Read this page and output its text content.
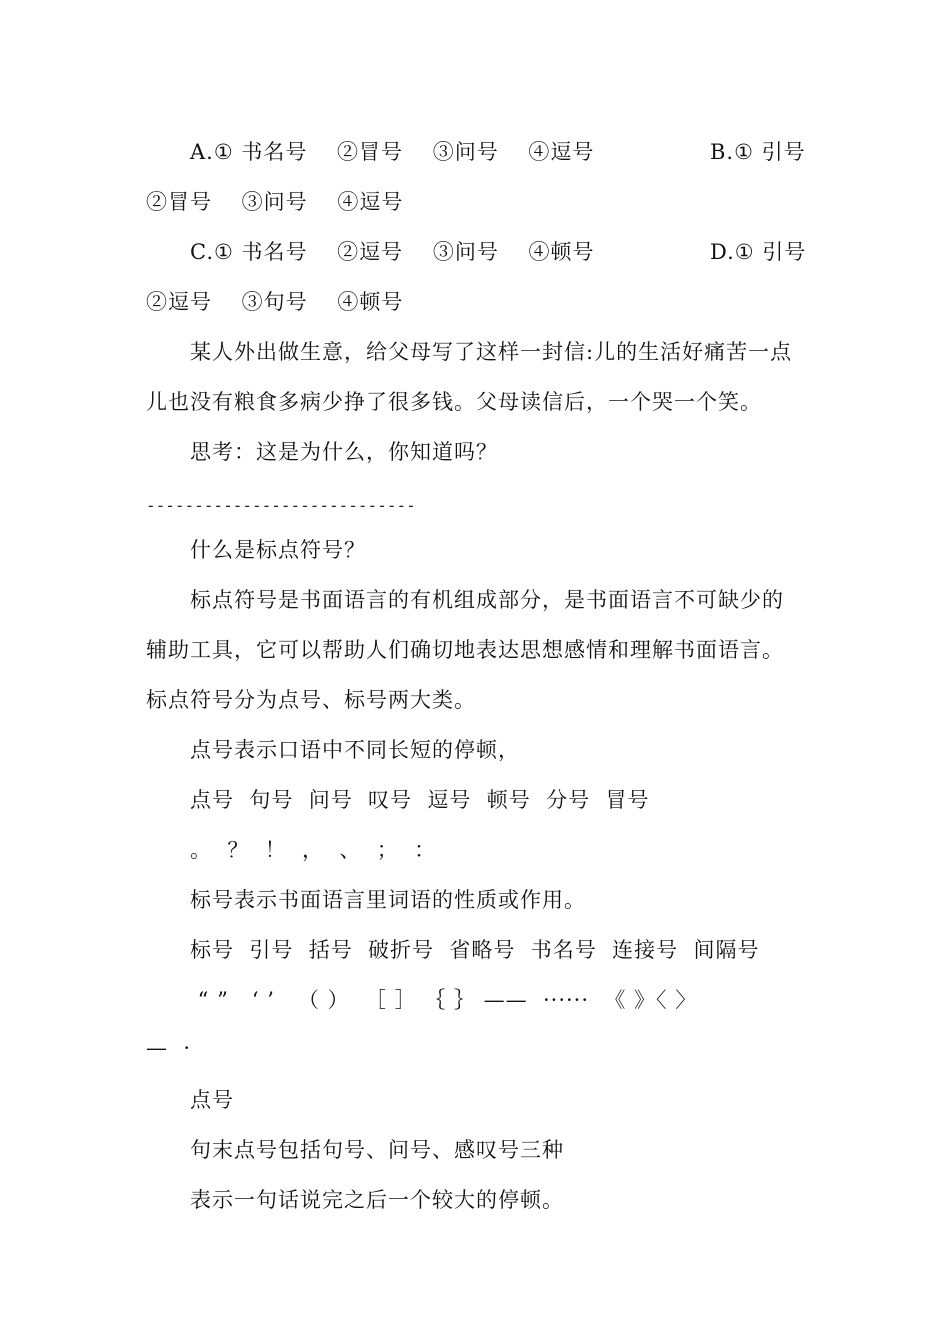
A.① 书名号　 ②冒号　 ③问号　 ④逗号	B.① 引号
②冒号　 ③问号　 ④逗号
C.① 书名号　 ②逗号　 ③问号　 ④顿号	D.① 引号
②逗号　 ③句号　 ④顿号
某人外出做生意，给父母写了这样一封信:儿的生活好痛苦一点
儿也没有粮食多病少挣了很多钱。父母读信后，一个哭一个笑。
思考：这是为什么，你知道吗？
----------------------------
什么是标点符号？
标点符号是书面语言的有机组成部分，是书面语言不可缺少的
辅助工具，它可以帮助人们确切地表达思想感情和理解书面语言。
标点符号分为点号、标号两大类。
点号表示口语中不同长短的停顿，
点号  句号  问号  叹号  逗号  顿号  分号  冒号
。  ？  ！  ，  、  ；  ：
标号表示书面语言里词语的性质或作用。
标号  引号  括号  破折号  省略号  书名号  连接号  间隔号
“ ”   ‘ ’   （ ）  ［ ］ ｛ ｝ ——  ······  《 》〈 〉
—  ·
点号
句末点号包括句号、问号、感叹号三种
表示一句话说完之后一个较大的停顿。
